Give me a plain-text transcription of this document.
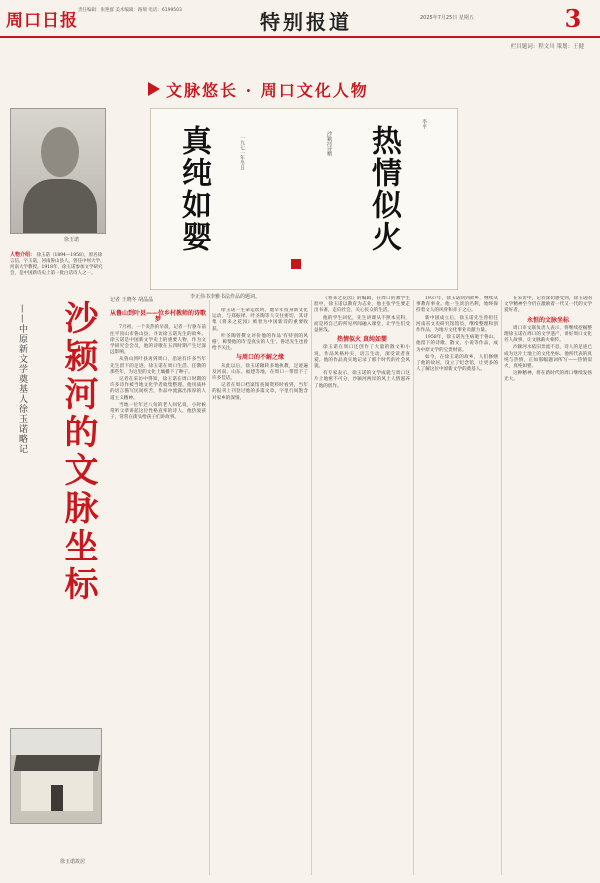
周口日报
责任编辑：张艳群 美术编辑：路瑞 电话：6199503	特别报道	2025年7月25日 星期五	3
栏目题词：程文川 策划：王健
文脉悠长 · 周口文化人物
徐玉诺	真纯如婴	一九七一年冬日	沙颖河诗赠 热情似火
李平
李正伟书李雅书法作品的题词。
人物介绍： 徐玉诺（1894—1958），原名徐言信，字玉诺，河南鲁山县人。曾任中州大学、河南大学教授。1918年，徐玉诺参加文学研究会，是中国新诗史上第一批白话诗人之一。
沙颍河的文脉坐标
——中原新文学奠基人徐玉诺略记
徐玉诺故居
记者 王晓冬 胡晶晶
从鲁山到叶县——位乡村教师的诗歌梦

7月初，一个炎热的早晨，记者一行驱车前往平顶山市鲁山县，寻访徐玉诺先生的故乡。徐玉诺是中国新文学史上的重要人物，作为文学研究会会员，他的诗歌在五四时期产生过深远影响。

从鲁山到叶县再到周口，沿途有许多当年先生留下的足迹。徐玉诺在周口生活、任教的那些年，为这里的文化土壤播下了种子。

记者在采访中得知，徐玉诺在周口时期的许多诗作被当地文化学者收集整理。他用质朴的语言描写民间疾苦，作品中流露出浓厚的人道主义精神。

当地一位年过八旬的老人回忆说，小时候常听父辈讲起这位性格直率的诗人，他热爱孩子，常常在街头给孩子们讲故事。

徐玉诺一生命运坎坷。他早年投身新文化运动，与郑振铎、叶圣陶等人交往密切，其诗集《将来之花园》被誉为中国新诗的重要收获。

叶圣陶曾撰文评价他的作品'有特别的风格'，称赞他的诗'是真实的人生'。鲁迅先生也曾给予关注。

与周口的不解之缘

从此以后，徐玉诺辗转多地执教，足迹遍及河南、山东、福建等地，在周口一带留下了许多佳话。

记者在周口档案馆查阅资料时看到，当年的报刊上刊登过他的多篇文章，字里行间饱含对家乡的深情。

《将来之花园》的编辑，在周口的教学生涯中，徐玉诺以教育为志业，他主张学生要走出书斋，走向社会，关心民众的生活。

他的学生回忆，先生讲课从不照本宣科，而是将自己的所见所闻融入课堂，让学生们受益匪浅。

热情似火 真纯如婴

徐玉诺在周口还创作了大量的散文和小说，作品风格朴实，语言生动，深受读者喜爱。他的作品真实地记录了那个时代的社会风貌。

有专家表示，徐玉诺的文学成就与周口这片土地密不可分，沙颍河两岸的风土人情滋养了他的创作。

1937年，徐玉诺回到故乡，继续从事教育事业。他一生淡泊名利，始终保持着文人的风骨和赤子之心。

新中国成立后，徐玉诺先生曾担任河南省文史研究馆馆员，继续整理和创作作品，为地方文化事业贡献力量。

1958年，徐玉诺先生病逝于鲁山。他留下的诗歌、散文、小说等作品，成为中原文学的宝贵财富。

如今，在徐玉诺的故乡，人们修缮了他的故居，设立了纪念馆，让更多的人了解这位中原新文学的奠基人。

在采访中，记者深切感受到，徐玉诺的文学精神至今仍在激励着一代又一代的文学爱好者。

永恒的文脉坐标

周口市文联负责人表示，将继续挖掘整理徐玉诺在周口的文学遗产，讲好周口文化名人故事，让文脉薪火相传。

沙颍河水依旧奔流不息，诗人的足迹已成为这片土地上的文化坐标。他所代表的真纯与热情，正如那幅题词所写——热情似火，真纯如婴。

这种精神，将在新时代的周口继续发扬光大。
